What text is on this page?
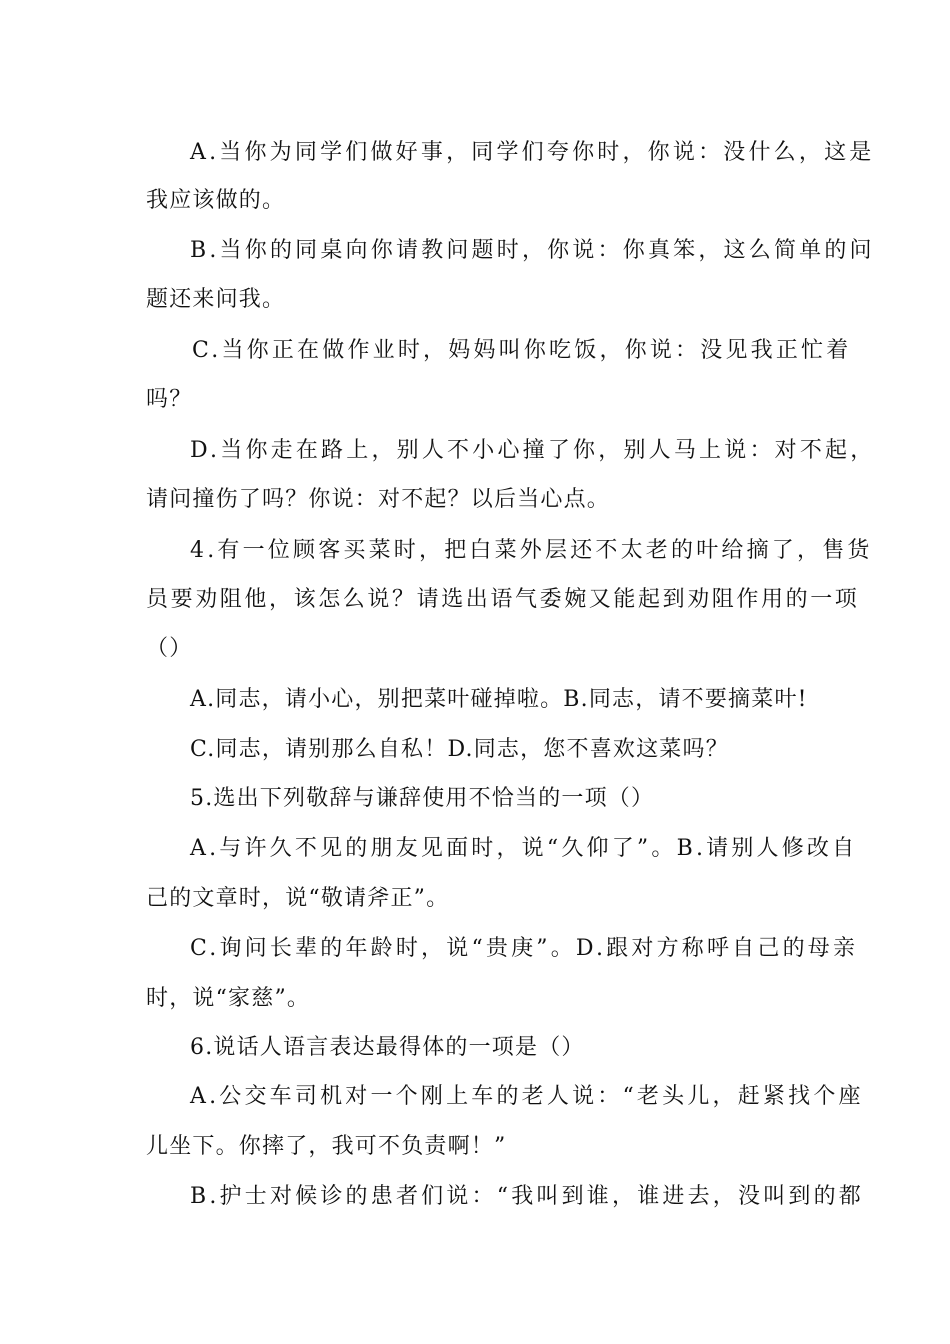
A.当你为同学们做好事，同学们夸你时，你说：没什么，这是
我应该做的。
B.当你的同桌向你请教问题时，你说：你真笨，这么简单的问
题还来问我。
C.当你正在做作业时，妈妈叫你吃饭，你说：没见我正忙着
吗？
D.当你走在路上，别人不小心撞了你，别人马上说：对不起，
请问撞伤了吗？你说：对不起？以后当心点。
4.有一位顾客买菜时，把白菜外层还不太老的叶给摘了，售货
员要劝阻他，该怎么说？请选出语气委婉又能起到劝阻作用的一项
（）
A.同志，请小心，别把菜叶碰掉啦。B.同志，请不要摘菜叶!
C.同志，请别那么自私！D.同志，您不喜欢这菜吗？
5.选出下列敬辞与谦辞使用不恰当的一项（）
A.与许久不见的朋友见面时，说“久仰了”。B.请别人修改自
己的文章时，说“敬请斧正”。
C.询问长辈的年龄时，说“贵庚”。D.跟对方称呼自己的母亲
时，说“家慈”。
6.说话人语言表达最得体的一项是（）
A.公交车司机对一个刚上车的老人说：“老头儿，赶紧找个座
儿坐下。你摔了，我可不负责啊！”
B.护士对候诊的患者们说：“我叫到谁，谁进去，没叫到的都
